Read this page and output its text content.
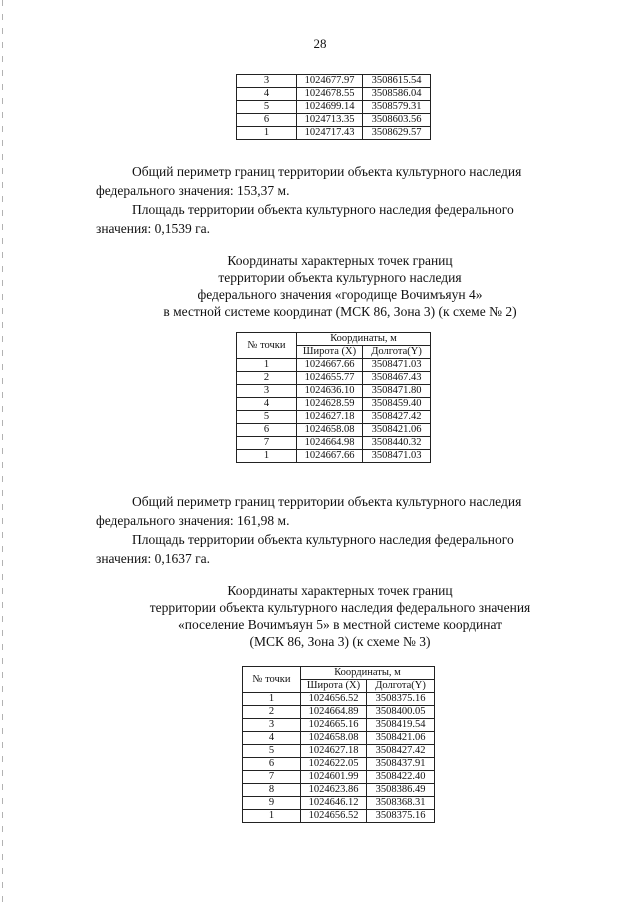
28
3	1024677.97	3508615.54
4	1024678.55	3508586.04
5	1024699.14	3508579.31
6	1024713.35	3508603.56
1	1024717.43	3508629.57

Общий периметр границ территории объекта культурного наследия
федерального значения: 153,37 м.

Площадь территории объекта культурного наследия федерального
значения: 0,1539 га.

Координаты характерных точек границ
территории объекта культурного наследия
федерального значения «городище Вочимъяун 4»
в местной системе координат (МСК 86, Зона 3) (к схеме № 2)
№ точки	Координаты, м	
	Широта (X)	Долгота(Y)
1	1024667.66	3508471.03
2	1024655.77	3508467.43
3	1024636.10	3508471.80
4	1024628.59	3508459.40
5	1024627.18	3508427.42
6	1024658.08	3508421.06
7	1024664.98	3508440.32
1	1024667.66	3508471.03

Общий периметр границ территории объекта культурного наследия
федерального значения: 161,98 м.

Площадь территории объекта культурного наследия федерального
значения: 0,1637 га.

Координаты характерных точек границ
территории объекта культурного наследия федерального значения
«поселение Вочимъяун 5» в местной системе координат
(МСК 86, Зона 3) (к схеме № 3)
№ точки	Координаты, м	
	Широта (X)	Долгота(Y)
1	1024656.52	3508375.16
2	1024664.89	3508400.05
3	1024665.16	3508419.54
4	1024658.08	3508421.06
5	1024627.18	3508427.42
6	1024622.05	3508437.91
7	1024601.99	3508422.40
8	1024623.86	3508386.49
9	1024646.12	3508368.31
1	1024656.52	3508375.16
